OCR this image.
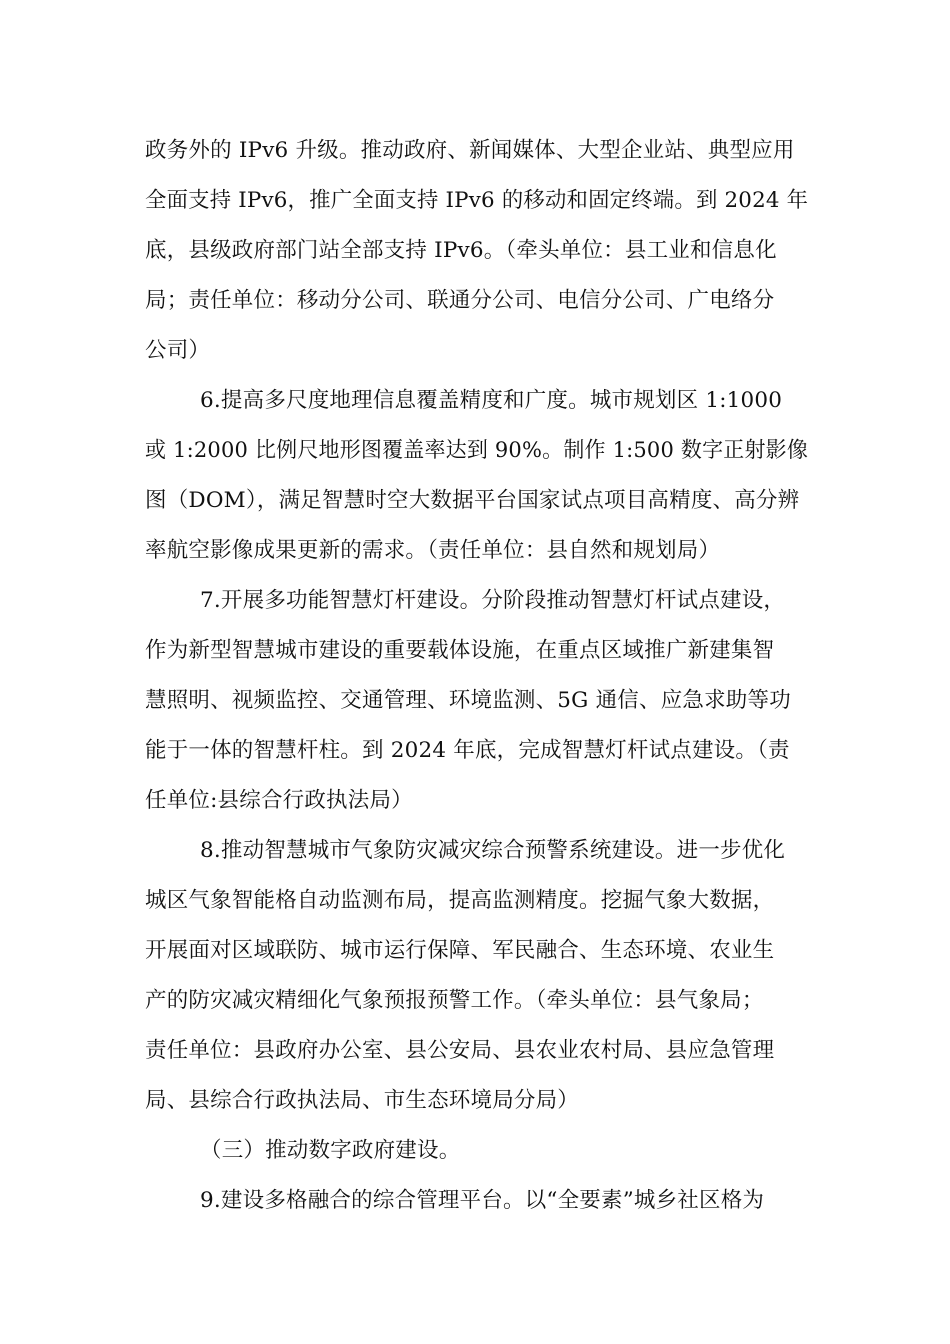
政务外的 IPv6 升级。推动政府、新闻媒体、大型企业站、典型应用
全面支持 IPv6，推广全面支持 IPv6 的移动和固定终端。到 2024 年
底，县级政府部门站全部支持 IPv6。（牵头单位：县工业和信息化
局；责任单位：移动分公司、联通分公司、电信分公司、广电络分
公司）
6.提高多尺度地理信息覆盖精度和广度。城市规划区 1:1000
或 1:2000 比例尺地形图覆盖率达到 90%。制作 1:500 数字正射影像
图（DOM），满足智慧时空大数据平台国家试点项目高精度、高分辨
率航空影像成果更新的需求。（责任单位：县自然和规划局）
7.开展多功能智慧灯杆建设。分阶段推动智慧灯杆试点建设，
作为新型智慧城市建设的重要载体设施，在重点区域推广新建集智
慧照明、视频监控、交通管理、环境监测、5G 通信、应急求助等功
能于一体的智慧杆柱。到 2024 年底，完成智慧灯杆试点建设。（责
任单位:县综合行政执法局）
8.推动智慧城市气象防灾减灾综合预警系统建设。进一步优化
城区气象智能格自动监测布局，提高监测精度。挖掘气象大数据，
开展面对区域联防、城市运行保障、军民融合、生态环境、农业生
产的防灾减灾精细化气象预报预警工作。（牵头单位：县气象局；
责任单位：县政府办公室、县公安局、县农业农村局、县应急管理
局、县综合行政执法局、市生态环境局分局）
（三）推动数字政府建设。
9.建设多格融合的综合管理平台。以“全要素”城乡社区格为
